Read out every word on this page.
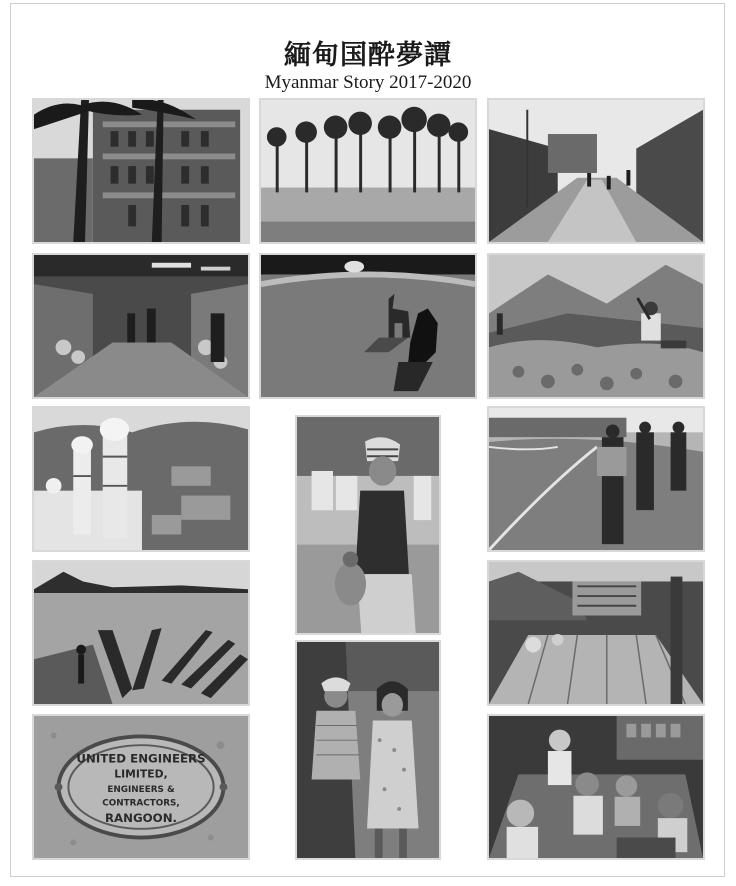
緬甸国酔夢譚
Myanmar Story 2017-2020
UNITED ENGINEERS
LIMITED,
ENGINEERS &
CONTRACTORS,
RANGOON.
